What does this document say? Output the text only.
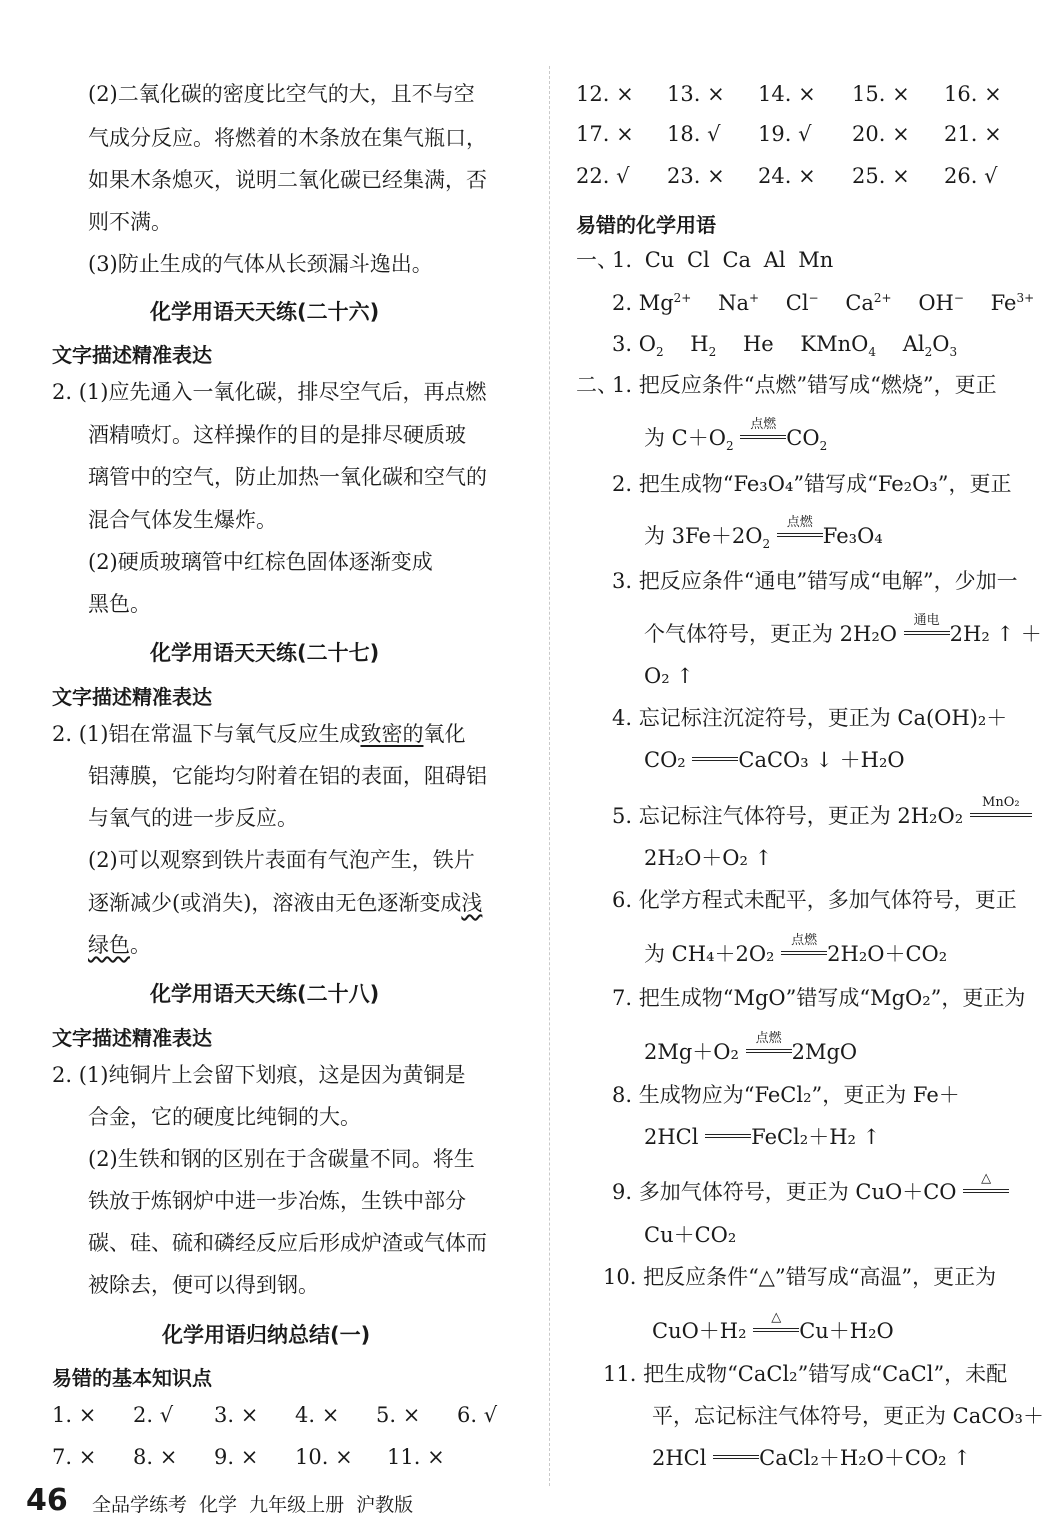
(2)二氧化碳的密度比空气的大，且不与空
气成分反应。将燃着的木条放在集气瓶口，
如果木条熄灭，说明二氧化碳已经集满，否
则不满。
(3)防止生成的气体从长颈漏斗逸出。
化学用语天天练(二十六)
文字描述精准表达
2. (1)应先通入一氧化碳，排尽空气后，再点燃
酒精喷灯。这样操作的目的是排尽硬质玻
璃管中的空气，防止加热一氧化碳和空气的
混合气体发生爆炸。
(2)硬质玻璃管中红棕色固体逐渐变成
黑色。
化学用语天天练(二十七)
文字描述精准表达
2. (1)铝在常温下与氧气反应生成致密的氧化
铝薄膜，它能均匀附着在铝的表面，阻碍铝
与氧气的进一步反应。
(2)可以观察到铁片表面有气泡产生，铁片
逐渐减少(或消失)，溶液由无色逐渐变成浅
绿色。
化学用语天天练(二十八)
文字描述精准表达
2. (1)纯铜片上会留下划痕，这是因为黄铜是
合金，它的硬度比纯铜的大。
(2)生铁和钢的区别在于含碳量不同。将生
铁放于炼钢炉中进一步冶炼，生铁中部分
碳、硅、硫和磷经反应后形成炉渣或气体而
被除去，便可以得到钢。
化学用语归纳总结(一)
易错的基本知识点
1. × 2. √ 3. × 4. × 5. × 6. √
7. × 8. × 9. × 10. × 11. ×
12. × 13. × 14. × 15. × 16. ×
17. × 18. √ 19. √ 20. × 21. ×
22. √ 23. × 24. × 25. × 26. √
易错的化学用语
一、
1. Cu Cl Ca Al Mn
2. $Mg^{2+}$ Na+ Cl− $Ca^{2+}$ OH− $Fe^{3+}$
3. $O_2$ $H_2$ He KMnO$_4$ $Al_2O_3$
二、
1. 把反应条件“点燃”错写成“燃烧”，更正
为 $C+O_2$
点燃
$CO_2$
2. 把生成物“Fe₃O₄”错写成“Fe₂O₃”，更正
为 $3Fe+2O_2$
点燃
Fe₃O₄
3. 把反应条件“通电”错写成“电解”，少加一
个气体符号，更正为 2H₂O
通电
2H₂ ↑ ＋
O₂ ↑
4. 忘记标注沉淀符号，更正为 Ca(OH)₂＋
CO₂
CaCO₃ ↓ ＋H₂O
5. 忘记标注气体符号，更正为 2H₂O₂
MnO₂
2H₂O＋O₂ ↑
6. 化学方程式未配平，多加气体符号，更正
为 CH₄＋2O₂
点燃
2H₂O＋CO₂
7. 把生成物“MgO”错写成“MgO₂”，更正为
2Mg＋O₂
点燃
2MgO
8. 生成物应为“FeCl₂”，更正为 Fe＋
2HCl
FeCl₂＋H₂ ↑
9. 多加气体符号，更正为 CuO＋CO
△
Cu＋CO₂
10. 把反应条件“△”错写成“高温”，更正为
CuO＋H₂
△
Cu＋H₂O
11. 把生成物“CaCl₂”错写成“CaCl”，未配
平，忘记标注气体符号，更正为 CaCO₃＋
2HCl
CaCl₂＋H₂O＋CO₂ ↑
46 全品学练考 化学 九年级上册 沪教版
